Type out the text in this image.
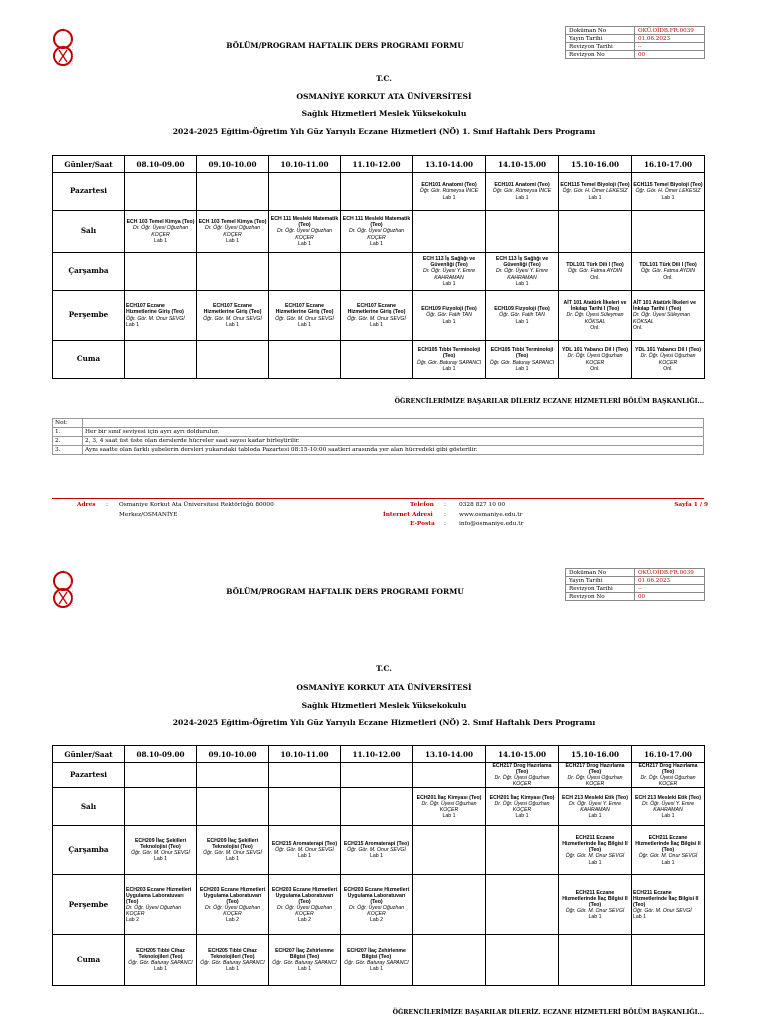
BÖLÜM/PROGRAM HAFTALIK DERS PROGRAMI FORMU
Doküman No	OKÜ.OİDB.FR.0039
Yayın Tarihi	01.06.2023
Revizyon Tarihi	--
Revizyon No	00
T.C.
OSMANİYE KORKUT ATA ÜNİVERSİTESİ
Sağlık Hizmetleri Meslek Yüksekokulu
2024-2025 Eğitim-Öğretim Yılı Güz Yarıyılı Eczane Hizmetleri (NÖ) 1. Sınıf Haftalık Ders Programı
Günler/Saat	08.10-09.00	09.10-10.00	10.10-11.00	11.10-12.00	13.10-14.00	14.10-15.00	15.10-16.00	16.10-17.00
Pazartesi					ECH101 Anatomi (Teo)
Öğr. Gör. Rümeysa İNCE
Lab 1	ECH101 Anatomi (Teo)
Öğr. Gör. Rümeysa İNCE
Lab 1	ECH115 Temel Biyoloji (Teo)
Öğr. Gör. H. Ömer LEKESİZ
Lab 1	ECH115 Temel Biyoloji (Teo)
Öğr. Gör. H. Ömer LEKESİZ
Lab 1

Salı	ECH 103 Temel Kimya (Teo)
Dr. Öğr. Üyesi Oğuzhan KOÇER
Lab 1	ECH 103 Temel Kimya (Teo)
Dr. Öğr. Üyesi Oğuzhan KOÇER
Lab 1	ECH 111 Mesleki Matematik (Teo)
Dr. Öğr. Üyesi Oğuzhan KOÇER
Lab 1	ECH 111 Mesleki Matematik (Teo)
Dr. Öğr. Üyesi Oğuzhan KOÇER
Lab 1				

Çarşamba					ECH 113 İş Sağlığı ve Güvenliği (Teo)
Dr. Öğr. Üyesi Y. Emre KAHRAMAN
Lab 1	ECH 113 İş Sağlığı ve Güvenliği (Teo)
Dr. Öğr. Üyesi Y. Emre KAHRAMAN
Lab 1	TDL101 Türk Dili I (Teo)
Öğr. Gör. Fatma AYDIN
Onl.	TDL101 Türk Dili I (Teo)
Öğr. Gör. Fatma AYDIN
Onl.

Perşembe	ECH107 Eczane Hizmetlerine Giriş (Teo)
Öğr. Gör. M. Onur SEVGİ
Lab 1	ECH107 Eczane Hizmetlerine Giriş (Teo)
Öğr. Gör. M. Onur SEVGİ
Lab 1	ECH107 Eczane Hizmetlerine Giriş (Teo)
Öğr. Gör. M. Onur SEVGİ
Lab 1	ECH107 Eczane Hizmetlerine Giriş (Teo)
Öğr. Gör. M. Onur SEVGİ
Lab 1	ECH109 Fizyoloji (Teo)
Öğr. Gör. Fatih TAN
Lab 1	ECH109 Fizyoloji (Teo)
Öğr. Gör. Fatih TAN
Lab 1	AİT 101 Atatürk İlkeleri ve İnkılap Tarihi I (Teo)
Dr. Öğr. Üyesi Süleyman KÖKSAL
Onl.	AİT 101 Atatürk İlkeleri ve İnkılap Tarihi I (Teo)
Dr. Öğr. Üyesi Süleyman KÖKSAL
Onl.

Cuma					ECH105 Tıbbi Terminoloji (Teo)
Öğr. Gör. Baturay SAPANCI
Lab 1	ECH105 Tıbbi Terminoloji (Teo)
Öğr. Gör. Baturay SAPANCI
Lab 1	YDL 101 Yabancı Dil I (Teo)
Dr. Öğr. Üyesi Oğuzhan KOÇER
Onl.	YDL 101 Yabancı Dil I (Teo)
Dr. Öğr. Üyesi Oğuzhan KOÇER
Onl.
ÖĞRENCİLERİMİZE BAŞARILAR DİLERİZ ECZANE HİZMETLERİ BÖLÜM BAŞKANLIĞI...
Not:	
1.	Her bir sınıf seviyesi için ayrı ayrı doldurulur.
2.	2, 3, 4 saat üst üste olan derslerde hücreler saat sayısı kadar birleştirilir.
3.	Aynı saatte olan farklı şubelerin dersleri yukarıdaki tabloda Pazartesi 08:15-10:00 saatleri arasında yer alan hücredeki gibi gösterilir.
Adres : Osmaniye Korkut Ata Üniversitesi Rektörlüğü 80000
Merkez/OSMANİYE
Telefon : 0328 827 10 00
İnternet Adresi : www.osmaniye.edu.tr
E-Posta : info@osmaniye.edu.tr
Sayfa 1 / 9
BÖLÜM/PROGRAM HAFTALIK DERS PROGRAMI FORMU
Doküman No	OKÜ.OİDB.FR.0039
Yayın Tarihi	01.06.2023
Revizyon Tarihi	--
Revizyon No	00
T.C.
OSMANİYE KORKUT ATA ÜNİVERSİTESİ
Sağlık Hizmetleri Meslek Yüksekokulu
2024-2025 Eğitim-Öğretim Yılı Güz Yarıyılı Eczane Hizmetleri (NÖ) 2. Sınıf Haftalık Ders Programı
Günler/Saat	08.10-09.00	09.10-10.00	10.10-11.00	11.10-12.00	13.10-14.00	14.10-15.00	15.10-16.00	16.10-17.00
Pazartesi						ECH217 Drog Hazırlama (Teo)
Dr. Öğr. Üyesi Oğuzhan KOÇER	ECH217 Drog Hazırlama (Teo)
Dr. Öğr. Üyesi Oğuzhan KOÇER	ECH217 Drog Hazırlama (Teo)
Dr. Öğr. Üyesi Oğuzhan KOÇER

Salı					ECH201 İlaç Kimyası (Teo)
Dr. Öğr. Üyesi Oğuzhan KOÇER
Lab 1	ECH201 İlaç Kimyası (Teo)
Dr. Öğr. Üyesi Oğuzhan KOÇER
Lab 1	ECH 213 Mesleki Etik (Teo)
Dr. Öğr. Üyesi Y. Emre KAHRAMAN
Lab 1	ECH 213 Mesleki Etik (Teo)
Dr. Öğr. Üyesi Y. Emre KAHRAMAN
Lab 1

Çarşamba	ECH209 İlaç Şekilleri Teknolojisi (Teo)
Öğr. Gör. M. Onur SEVGİ
Lab 1	ECH209 İlaç Şekilleri Teknolojisi (Teo)
Öğr. Gör. M. Onur SEVGİ
Lab 1	ECH215 Aromaterapi (Teo)
Öğr. Gör. M. Onur SEVGİ
Lab 1	ECH215 Aromaterapi (Teo)
Öğr. Gör. M. Onur SEVGİ
Lab 1			ECH211 Eczane Hizmetlerinde İlaç Bilgisi II (Teo)
Öğr. Gör. M. Onur SEVGİ
Lab 1	ECH211 Eczane Hizmetlerinde İlaç Bilgisi II (Teo)
Öğr. Gör. M. Onur SEVGİ
Lab 1

Perşembe	ECH203 Eczane Hizmetleri Uygulama Laboratuvarı (Teo)
Dr. Öğr. Üyesi Oğuzhan KOÇER
Lab 2	ECH203 Eczane Hizmetleri Uygulama Laboratuvarı (Teo)
Dr. Öğr. Üyesi Oğuzhan KOÇER
Lab 2	ECH203 Eczane Hizmetleri Uygulama Laboratuvarı (Teo)
Dr. Öğr. Üyesi Oğuzhan KOÇER
Lab 2	ECH203 Eczane Hizmetleri Uygulama Laboratuvarı (Teo)
Dr. Öğr. Üyesi Oğuzhan KOÇER
Lab 2			ECH211 Eczane Hizmetlerinde İlaç Bilgisi II (Teo)
Öğr. Gör. M. Onur SEVGİ
Lab 1	ECH211 Eczane Hizmetlerinde İlaç Bilgisi II (Teo)
Öğr. Gör. M. Onur SEVGİ
Lab 1

Cuma	ECH205 Tıbbi Cihaz Teknolojileri (Teo)
Öğr. Gör. Baturay SAPANCI
Lab 1	ECH205 Tıbbi Cihaz Teknolojileri (Teo)
Öğr. Gör. Baturay SAPANCI
Lab 1	ECH207 İlaç Zehirlenme Bilgisi (Teo)
Öğr. Gör. Baturay SAPANCI
Lab 1	ECH207 İlaç Zehirlenme Bilgisi (Teo)
Öğr. Gör. Baturay SAPANCI
Lab 1				

ÖĞRENCİLERİMİZE BAŞARILAR DİLERİZ. ECZANE HİZMETLERİ BÖLÜM BAŞKANLIĞI...
